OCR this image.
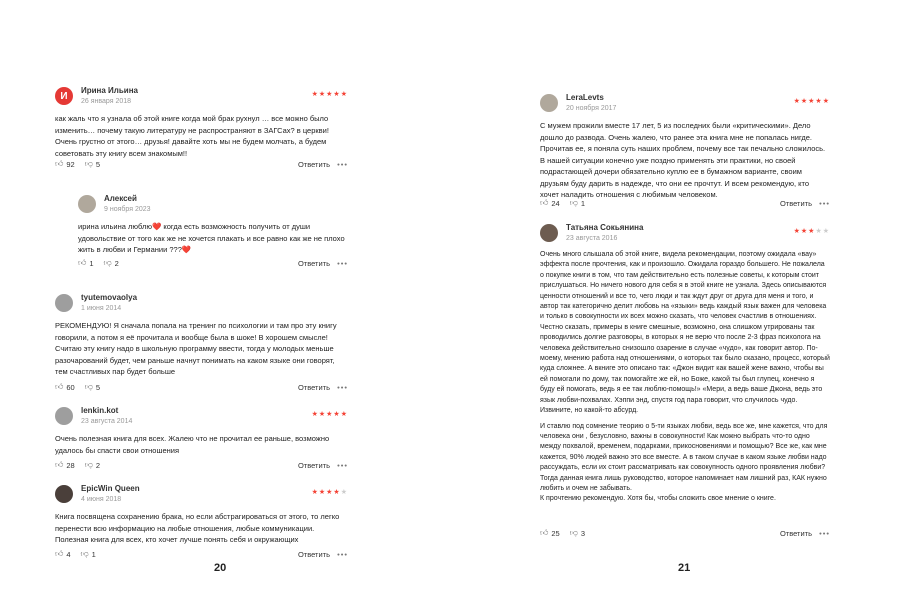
И	Ирина Ильина
26 января 2018
★★★★★
как жаль что я узнала об этой книге когда мой брак рухнул … все можно было изменить… почему такую литературу не распространяют в ЗАГСах? в церкви! Очень грустно от этого… друзья! давайте хоть мы не будем молчать, а будем советовать эту книгу всем знакомым!!
👍︎ 92 👎︎ 5	Ответить •••
Алексей
9 ноября 2023
ирина ильина люблю❤️ когда есть возможность получить от души удовольствие от того как же не хочется плакать и все равно как же не плохо жить в любви и Германии ???❤️
👍︎ 1 👎︎ 2	Ответить •••
tyutemovaolya
1 июня 2014
РЕКОМЕНДУЮ! Я сначала попала на тренинг по психологии и там про эту книгу говорили, а потом я её прочитала и вообще была в шоке! В хорошем смысле! Считаю эту книгу надо в школьную программу ввести, тогда у молодых меньше разочарований будет, чем раньше начнут понимать на каком языке они говорят, тем счастливых пар будет больше
👍︎ 60 👎︎ 5	Ответить •••
lenkin.kot
23 августа 2014
★★★★★
Очень полезная книга для всех. Жалею что не прочитал ее раньше, возможно удалось бы спасти свои отношения
👍︎ 28 👎︎ 2	Ответить •••
EpicWin Queen
4 июня 2018
★★★★★
Книга посвящена сохранению брака, но если абстрагироваться от этого, то легко перенести всю информацию на любые отношения, любые коммуникации. Полезная книга для всех, кто хочет лучше понять себя и окружающих
👍︎ 4 👎︎ 1	Ответить •••
20
LeraLevts
20 ноября 2017
★★★★★
С мужем прожили вместе 17 лет, 5 из последних были «критическими». Дело дошло до развода. Очень жалею, что ранее эта книга мне не попалась нигде. Прочитав ее, я поняла суть наших проблем, почему все так печально сложилось. В нашей ситуации конечно уже поздно применять эти практики, но своей подрастающей дочери обязательно куплю ее в бумажном варианте, своим друзьям буду дарить в надежде, что они ее прочтут. И всем рекомендую, кто хочет наладить отношения с любимым человеком.
👍︎ 24 👎︎ 1	Ответить •••
Татьяна Сокьянина
23 августа 2016
★★★★★
Очень много слышала об этой книге, видела рекомендации, поэтому ожидала «вау» эффекта после прочтения, как и произошло. Ожидала гораздо большего. Не пожалела о покупке книги в том, что там действительно есть полезные советы, к которым стоит прислушаться. Но ничего нового для себя я в этой книге не узнала. Здесь описываются ценности отношений и все то, чего люди и так ждут друг от друга для меня и того, и автор так категорично делит любовь на «языки» ведь каждый язык важен для человека и только в совокупности их всех можно сказать, что человек счастлив в отношениях. Честно сказать, примеры в книге смешные, возможно, она слишком утрированы так проводились долгие разговоры, в которых я не верю что после 2-3 фраз психолога на человека действительно снизошло озарение в случае «чудо», как говорит автор. По-моему, мнению работа над отношениями, о которых так было сказано, процесс, который куда сложнее. А вкниге это описано так: «Джон видит как вашей жене важно, чтобы вы ей помогали по дому, так помогайте же ей, но Боже, какой ты был глупец, конечно я буду ей помогать, ведь я ее так люблю-помощь!» «Мери, а ведь ваше Джона, ведь это язык любви-похвалах. Хэппи энд, спустя год пара говорит, что случилось чудо. Извините, но какой-то абсурд.
И ставлю под сомнение теорию о 5-ти языках любви, ведь все же, мне кажется, что для человека они , безусловно, важны в совокупности! Как можно выбрать что-то одно между похвалой, временем, подарками, прикосновениями и помощью? Все же, как мне кажется, 90% людей важно это все вместе. А в таком случае в каком языке любви надо рассуждать, если их стоит рассматривать как совокупность одного проявления любви? Тогда данная книга лишь руководство, которое напоминает нам лишний раз, КАК нужно любить и очем не забывать.
К прочтению рекомендую. Хотя бы, чтобы сложить свое мнение о книге.
👍︎ 25 👎︎ 3	Ответить •••
21
